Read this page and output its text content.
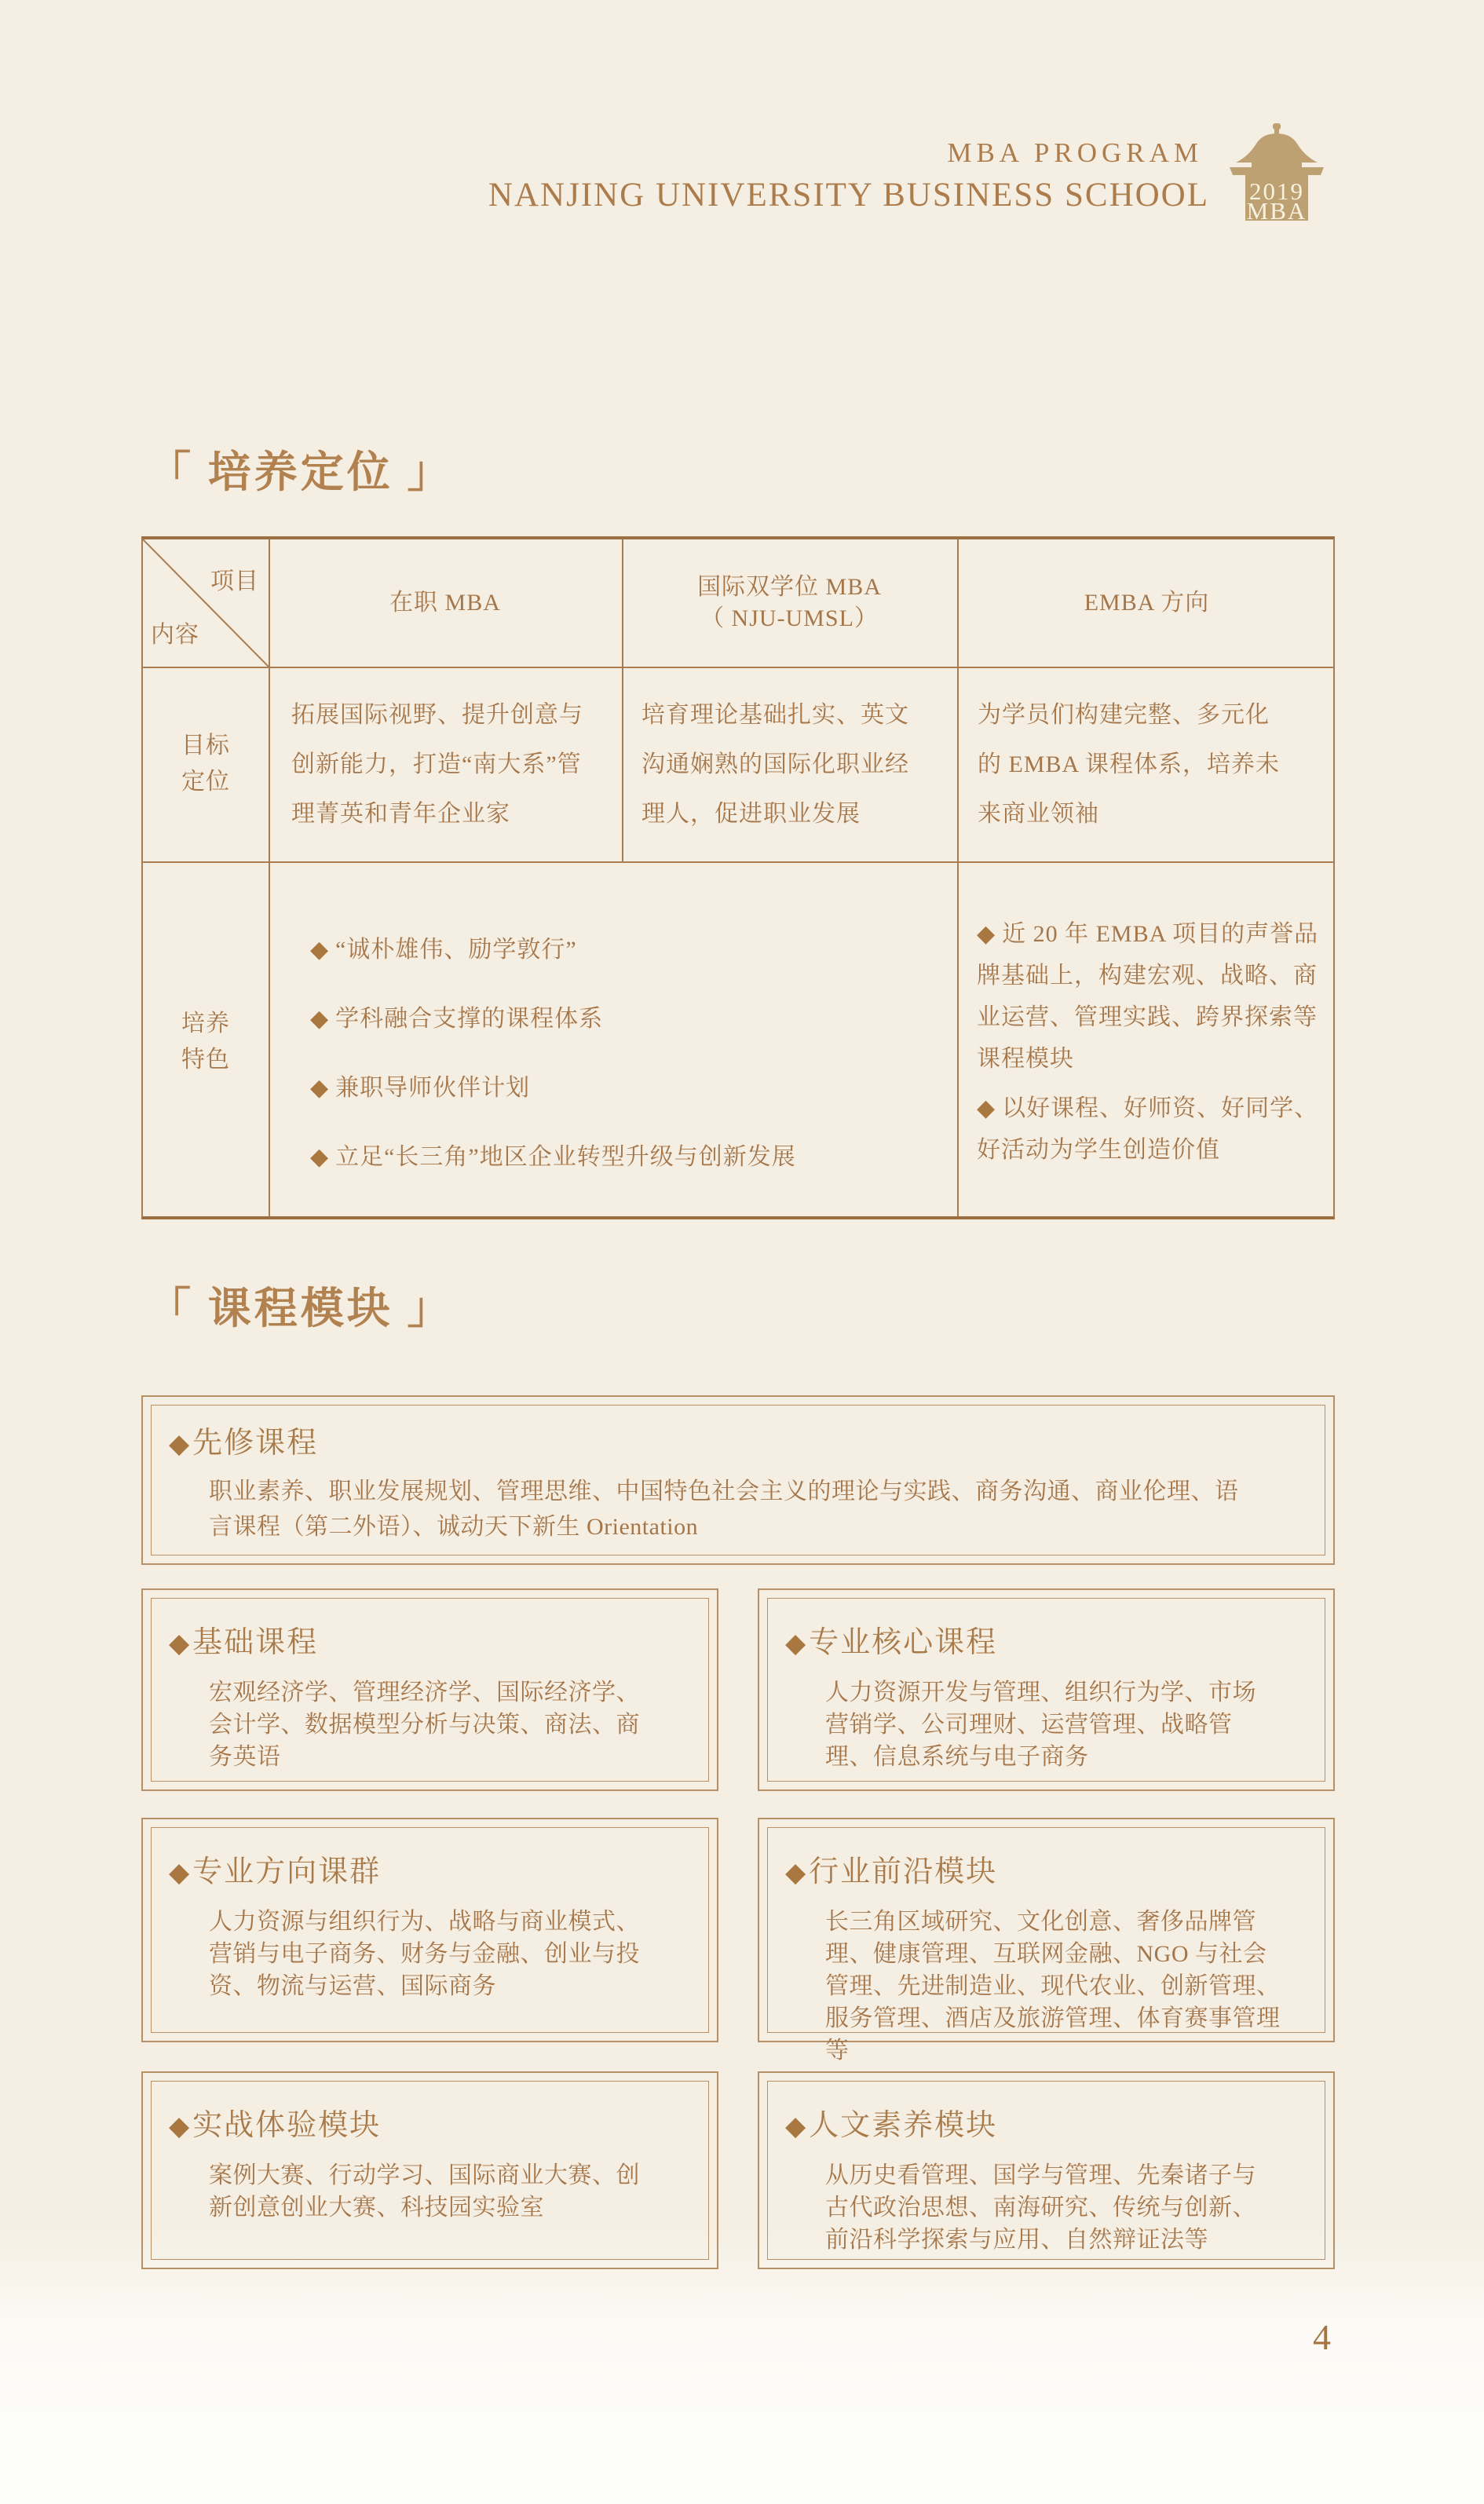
MBA PROGRAM
NANJING UNIVERSITY BUSINESS SCHOOL 2019
MBA
「 培养定位 」
项目
内容
在职 MBA
国际双学位 MBA
（ NJU-UMSL）
EMBA 方向
目标定位

拓展国际视野、提升创意与创新能力，打造“南大系”管理菁英和青年企业家

培育理论基础扎实、英文沟通娴熟的国际化职业经理人，促进职业发展

为学员们构建完整、多元化的 EMBA 课程体系，培养未来商业领袖

培养特色
◆ “诚朴雄伟、励学敦行”
◆ 学科融合支撑的课程体系
◆ 兼职导师伙伴计划
◆ 立足“长三角”地区企业转型升级与创新发展

◆ 近 20 年 EMBA 项目的声誉品牌基础上，构建宏观、战略、商业运营、管理实践、跨界探索等课程模块

◆ 以好课程、好师资、好同学、好活动为学生创造价值

「 课程模块 」
◆先修课程

职业素养、职业发展规划、管理思维、中国特色社会主义的理论与实践、商务沟通、商业伦理、语言课程（第二外语）、诚动天下新生 Orientation

◆基础课程

宏观经济学、管理经济学、国际经济学、会计学、数据模型分析与决策、商法、商务英语

◆专业核心课程

人力资源开发与管理、组织行为学、市场营销学、公司理财、运营管理、战略管理、信息系统与电子商务

◆专业方向课群

人力资源与组织行为、战略与商业模式、营销与电子商务、财务与金融、创业与投资、物流与运营、国际商务

◆行业前沿模块

长三角区域研究、文化创意、奢侈品牌管理、健康管理、互联网金融、NGO 与社会管理、先进制造业、现代农业、创新管理、服务管理、酒店及旅游管理、体育赛事管理等

◆实战体验模块

案例大赛、行动学习、国际商业大赛、创新创意创业大赛、科技园实验室

◆人文素养模块

从历史看管理、国学与管理、先秦诸子与古代政治思想、南海研究、传统与创新、前沿科学探索与应用、自然辩证法等

4
